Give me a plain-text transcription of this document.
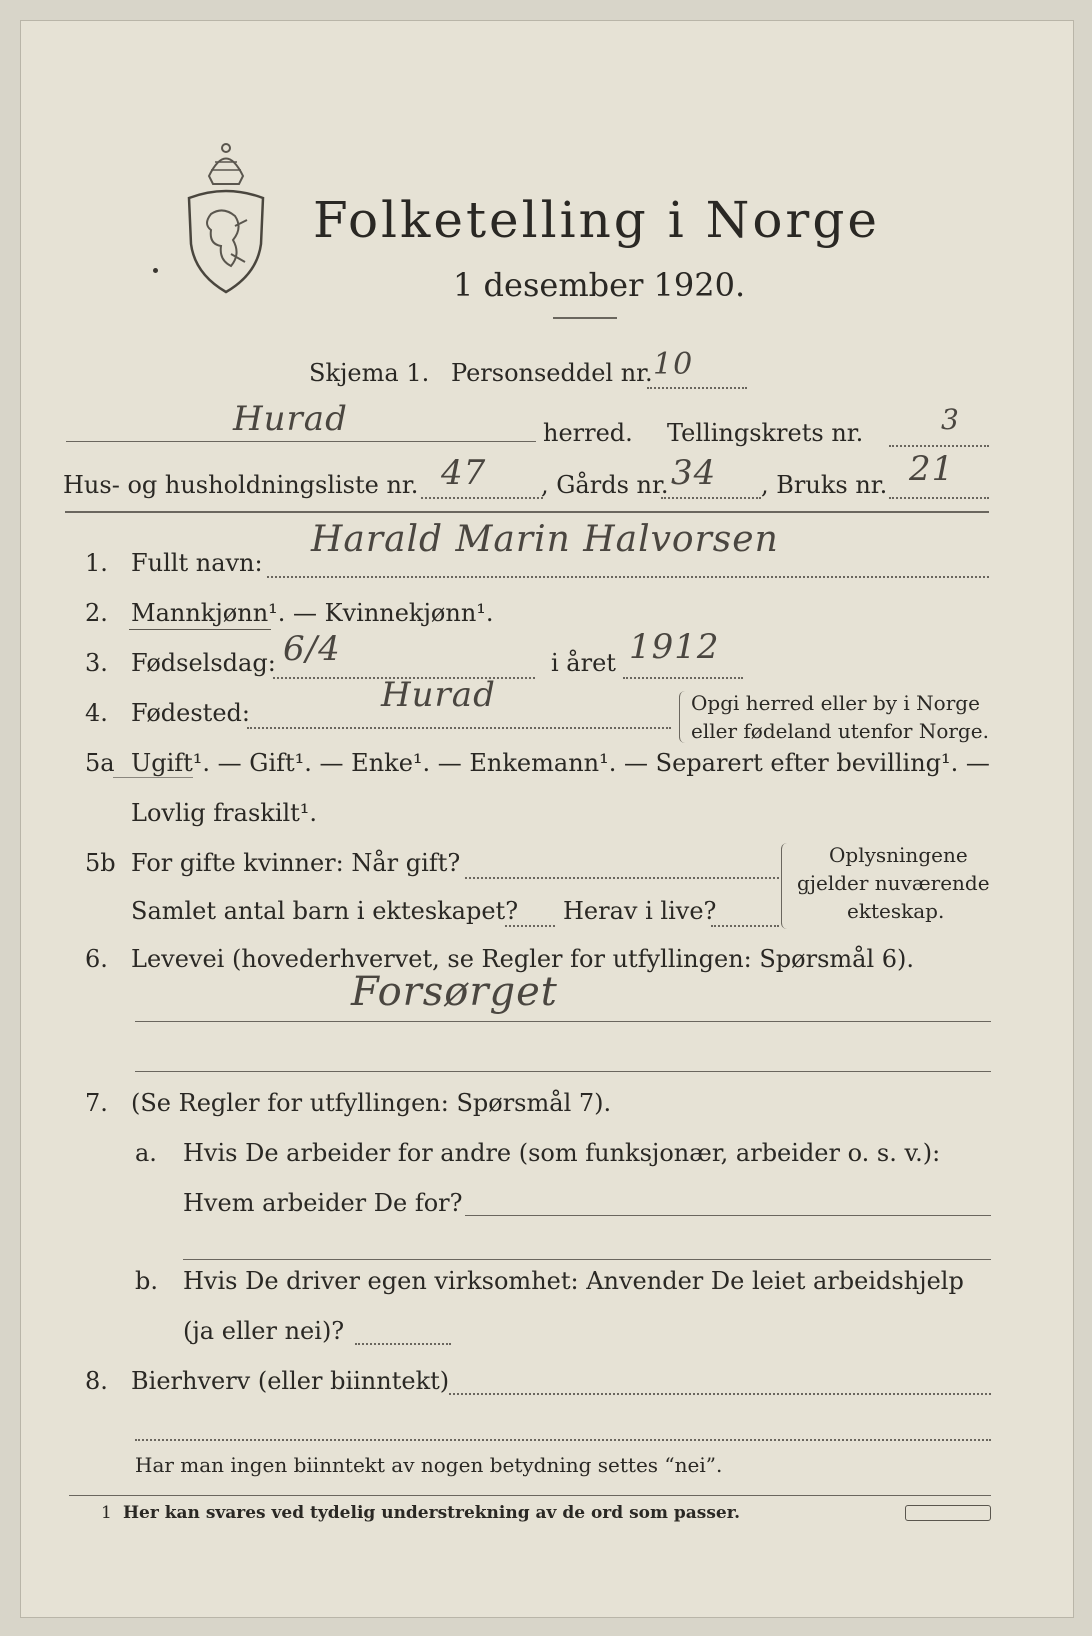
Folketelling i Norge
1 desember 1920.
Skjema 1. Personseddel nr. 10
Hurad	herred. Tellingskrets nr.	3
Hus- og husholdningsliste nr. 47 , Gårds nr. 34 , Bruks nr. 21
1. Fullt navn:
Harald Marin Halvorsen
2. Mannkjønn¹. — Kvinnekjønn¹.
3. Fødselsdag: 6/4	i året 1912
4. Fødested:	Hurad	Opgi herred eller by i Norge
eller fødeland utenfor Norge.
5a Ugift¹. — Gift¹. — Enke¹. — Enkemann¹. — Separert efter bevilling¹. —
Lovlig fraskilt¹.
5b For gifte kvinner: Når gift?
Samlet antal barn i ekteskapet? Herav i live?
Oplysningene
gjelder nuværende
ekteskap.
6. Levevei (hovederhvervet, se Regler for utfyllingen: Spørsmål 6).
Forsørget
7. (Se Regler for utfyllingen: Spørsmål 7).
a. Hvis De arbeider for andre (som funksjonær, arbeider o. s. v.):
Hvem arbeider De for?
b. Hvis De driver egen virksomhet: Anvender De leiet arbeidshjelp
(ja eller nei)?
8. Bierhverv (eller biinntekt)
Har man ingen biinntekt av nogen betydning settes “nei”.
1 Her kan svares ved tydelig understrekning av de ord som passer.
